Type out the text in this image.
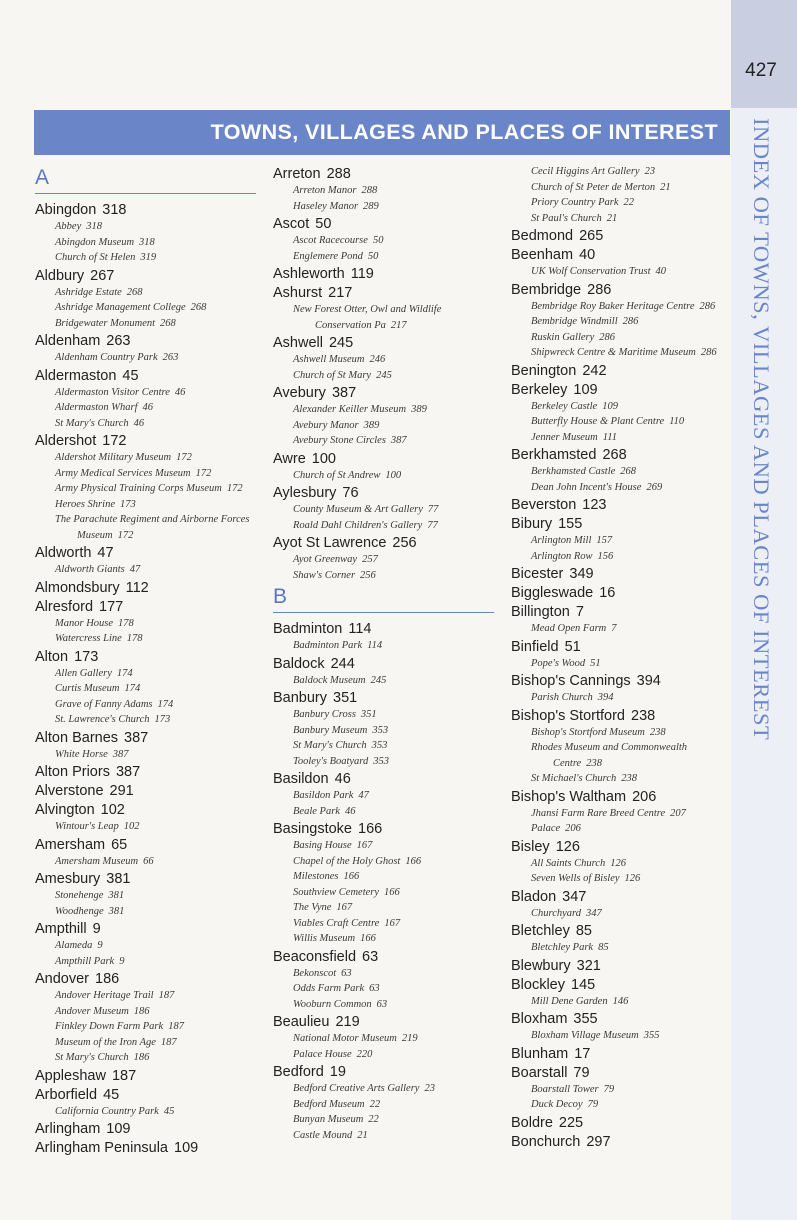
427
TOWNS, VILLAGES AND PLACES OF INTEREST INDEX OF TOWNS, VILLAGES AND PLACES OF INTEREST
A
Abingdon 318
Abbey 318
Abingdon Museum 318
Church of St Helen 319
Aldbury 267
Ashridge Estate 268
Ashridge Management College 268
Bridgewater Monument 268
Aldenham 263
Aldenham Country Park 263
Aldermaston 45
Aldermaston Visitor Centre 46
Aldermaston Wharf 46
St Mary's Church 46
Aldershot 172
Aldershot Military Museum 172
Army Medical Services Museum 172
Army Physical Training Corps Museum 172
Heroes Shrine 173
The Parachute Regiment and Airborne Forces Museum 172
Aldworth 47
Aldworth Giants 47
Almondsbury 112
Alresford 177
Manor House 178
Watercress Line 178
Alton 173
Allen Gallery 174
Curtis Museum 174
Grave of Fanny Adams 174
St. Lawrence's Church 173
Alton Barnes 387
White Horse 387
Alton Priors 387
Alverstone 291
Alvington 102
Wintour's Leap 102
Amersham 65
Amersham Museum 66
Amesbury 381
Stonehenge 381
Woodhenge 381
Ampthill 9
Alameda 9
Ampthill Park 9
Andover 186
Andover Heritage Trail 187
Andover Museum 186
Finkley Down Farm Park 187
Museum of the Iron Age 187
St Mary's Church 186
Appleshaw 187
Arborfield 45
California Country Park 45
Arlingham 109
Arlingham Peninsula 109
Arreton 288
Arreton Manor 288
Haseley Manor 289
Ascot 50
Ascot Racecourse 50
Englemere Pond 50
Ashleworth 119
Ashurst 217
New Forest Otter, Owl and Wildlife Conservation Pa 217
Ashwell 245
Ashwell Museum 246
Church of St Mary 245
Avebury 387
Alexander Keiller Museum 389
Avebury Manor 389
Avebury Stone Circles 387
Awre 100
Church of St Andrew 100
Aylesbury 76
County Museum & Art Gallery 77
Roald Dahl Children's Gallery 77
Ayot St Lawrence 256
Ayot Greenway 257
Shaw's Corner 256
B
Badminton 114
Badminton Park 114
Baldock 244
Baldock Museum 245
Banbury 351
Banbury Cross 351
Banbury Museum 353
St Mary's Church 353
Tooley's Boatyard 353
Basildon 46
Basildon Park 47
Beale Park 46
Basingstoke 166
Basing House 167
Chapel of the Holy Ghost 166
Milestones 166
Southview Cemetery 166
The Vyne 167
Viables Craft Centre 167
Willis Museum 166
Beaconsfield 63
Bekonscot 63
Odds Farm Park 63
Wooburn Common 63
Beaulieu 219
National Motor Museum 219
Palace House 220
Bedford 19
Bedford Creative Arts Gallery 23
Bedford Museum 22
Bunyan Museum 22
Castle Mound 21
Cecil Higgins Art Gallery 23
Church of St Peter de Merton 21
Priory Country Park 22
St Paul's Church 21
Bedmond 265
Beenham 40
UK Wolf Conservation Trust 40
Bembridge 286
Bembridge Roy Baker Heritage Centre 286
Bembridge Windmill 286
Ruskin Gallery 286
Shipwreck Centre & Maritime Museum 286
Benington 242
Berkeley 109
Berkeley Castle 109
Butterfly House & Plant Centre 110
Jenner Museum 111
Berkhamsted 268
Berkhamsted Castle 268
Dean John Incent's House 269
Beverston 123
Bibury 155
Arlington Mill 157
Arlington Row 156
Bicester 349
Biggleswade 16
Billington 7
Mead Open Farm 7
Binfield 51
Pope's Wood 51
Bishop's Cannings 394
Parish Church 394
Bishop's Stortford 238
Bishop's Stortford Museum 238
Rhodes Museum and Commonwealth Centre 238
St Michael's Church 238
Bishop's Waltham 206
Jhansi Farm Rare Breed Centre 207
Palace 206
Bisley 126
All Saints Church 126
Seven Wells of Bisley 126
Bladon 347
Churchyard 347
Bletchley 85
Bletchley Park 85
Blewbury 321
Blockley 145
Mill Dene Garden 146
Bloxham 355
Bloxham Village Museum 355
Blunham 17
Boarstall 79
Boarstall Tower 79
Duck Decoy 79
Boldre 225
Bonchurch 297
